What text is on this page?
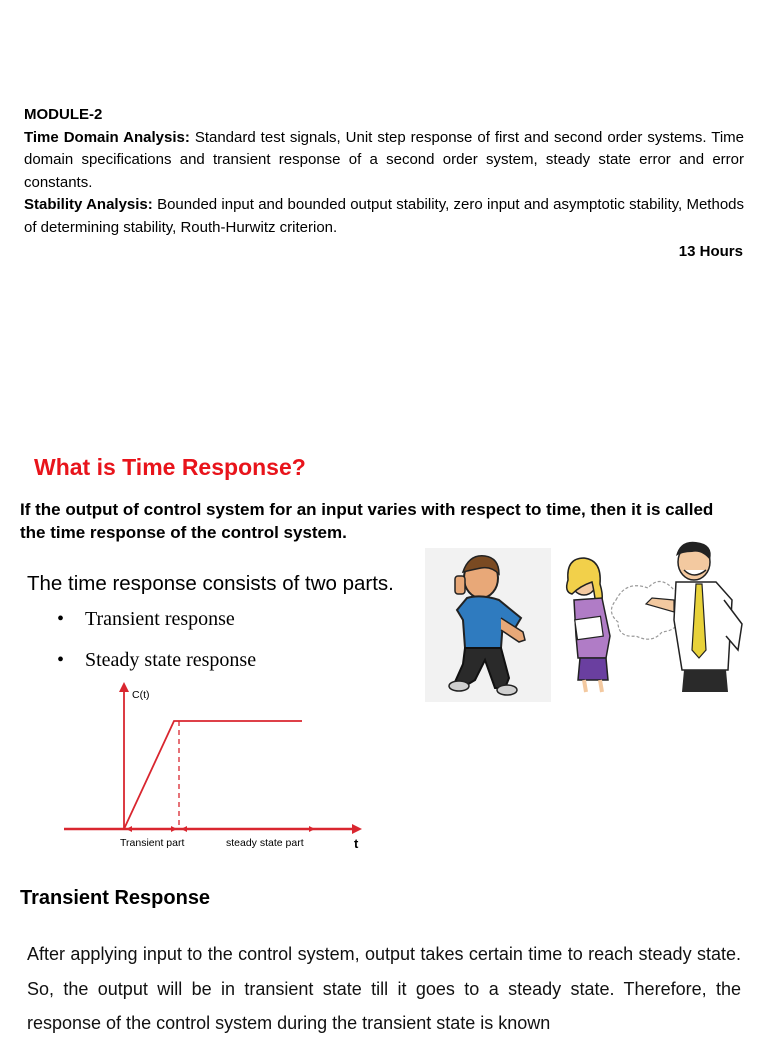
MODULE-2

Time Domain Analysis: Standard test signals, Unit step response of first and second order systems. Time domain specifications and transient response of a second order system, steady state error and error constants.

Stability Analysis: Bounded input and bounded output stability, zero input and asymptotic stability, Methods of determining stability, Routh-Hurwitz criterion.

13 Hours
What is Time Response?
If the output of control system for an input varies with respect to time, then it is called the time response of the control system.
The time response consists of two parts.
• Transient response
• Steady state response
C(t)
Transient part	steady state part	t
Transient Response
After applying input to the control system, output takes certain time to reach steady state. So, the output will be in transient state till it goes to a steady state. Therefore, the response of the control system during the transient state is known
